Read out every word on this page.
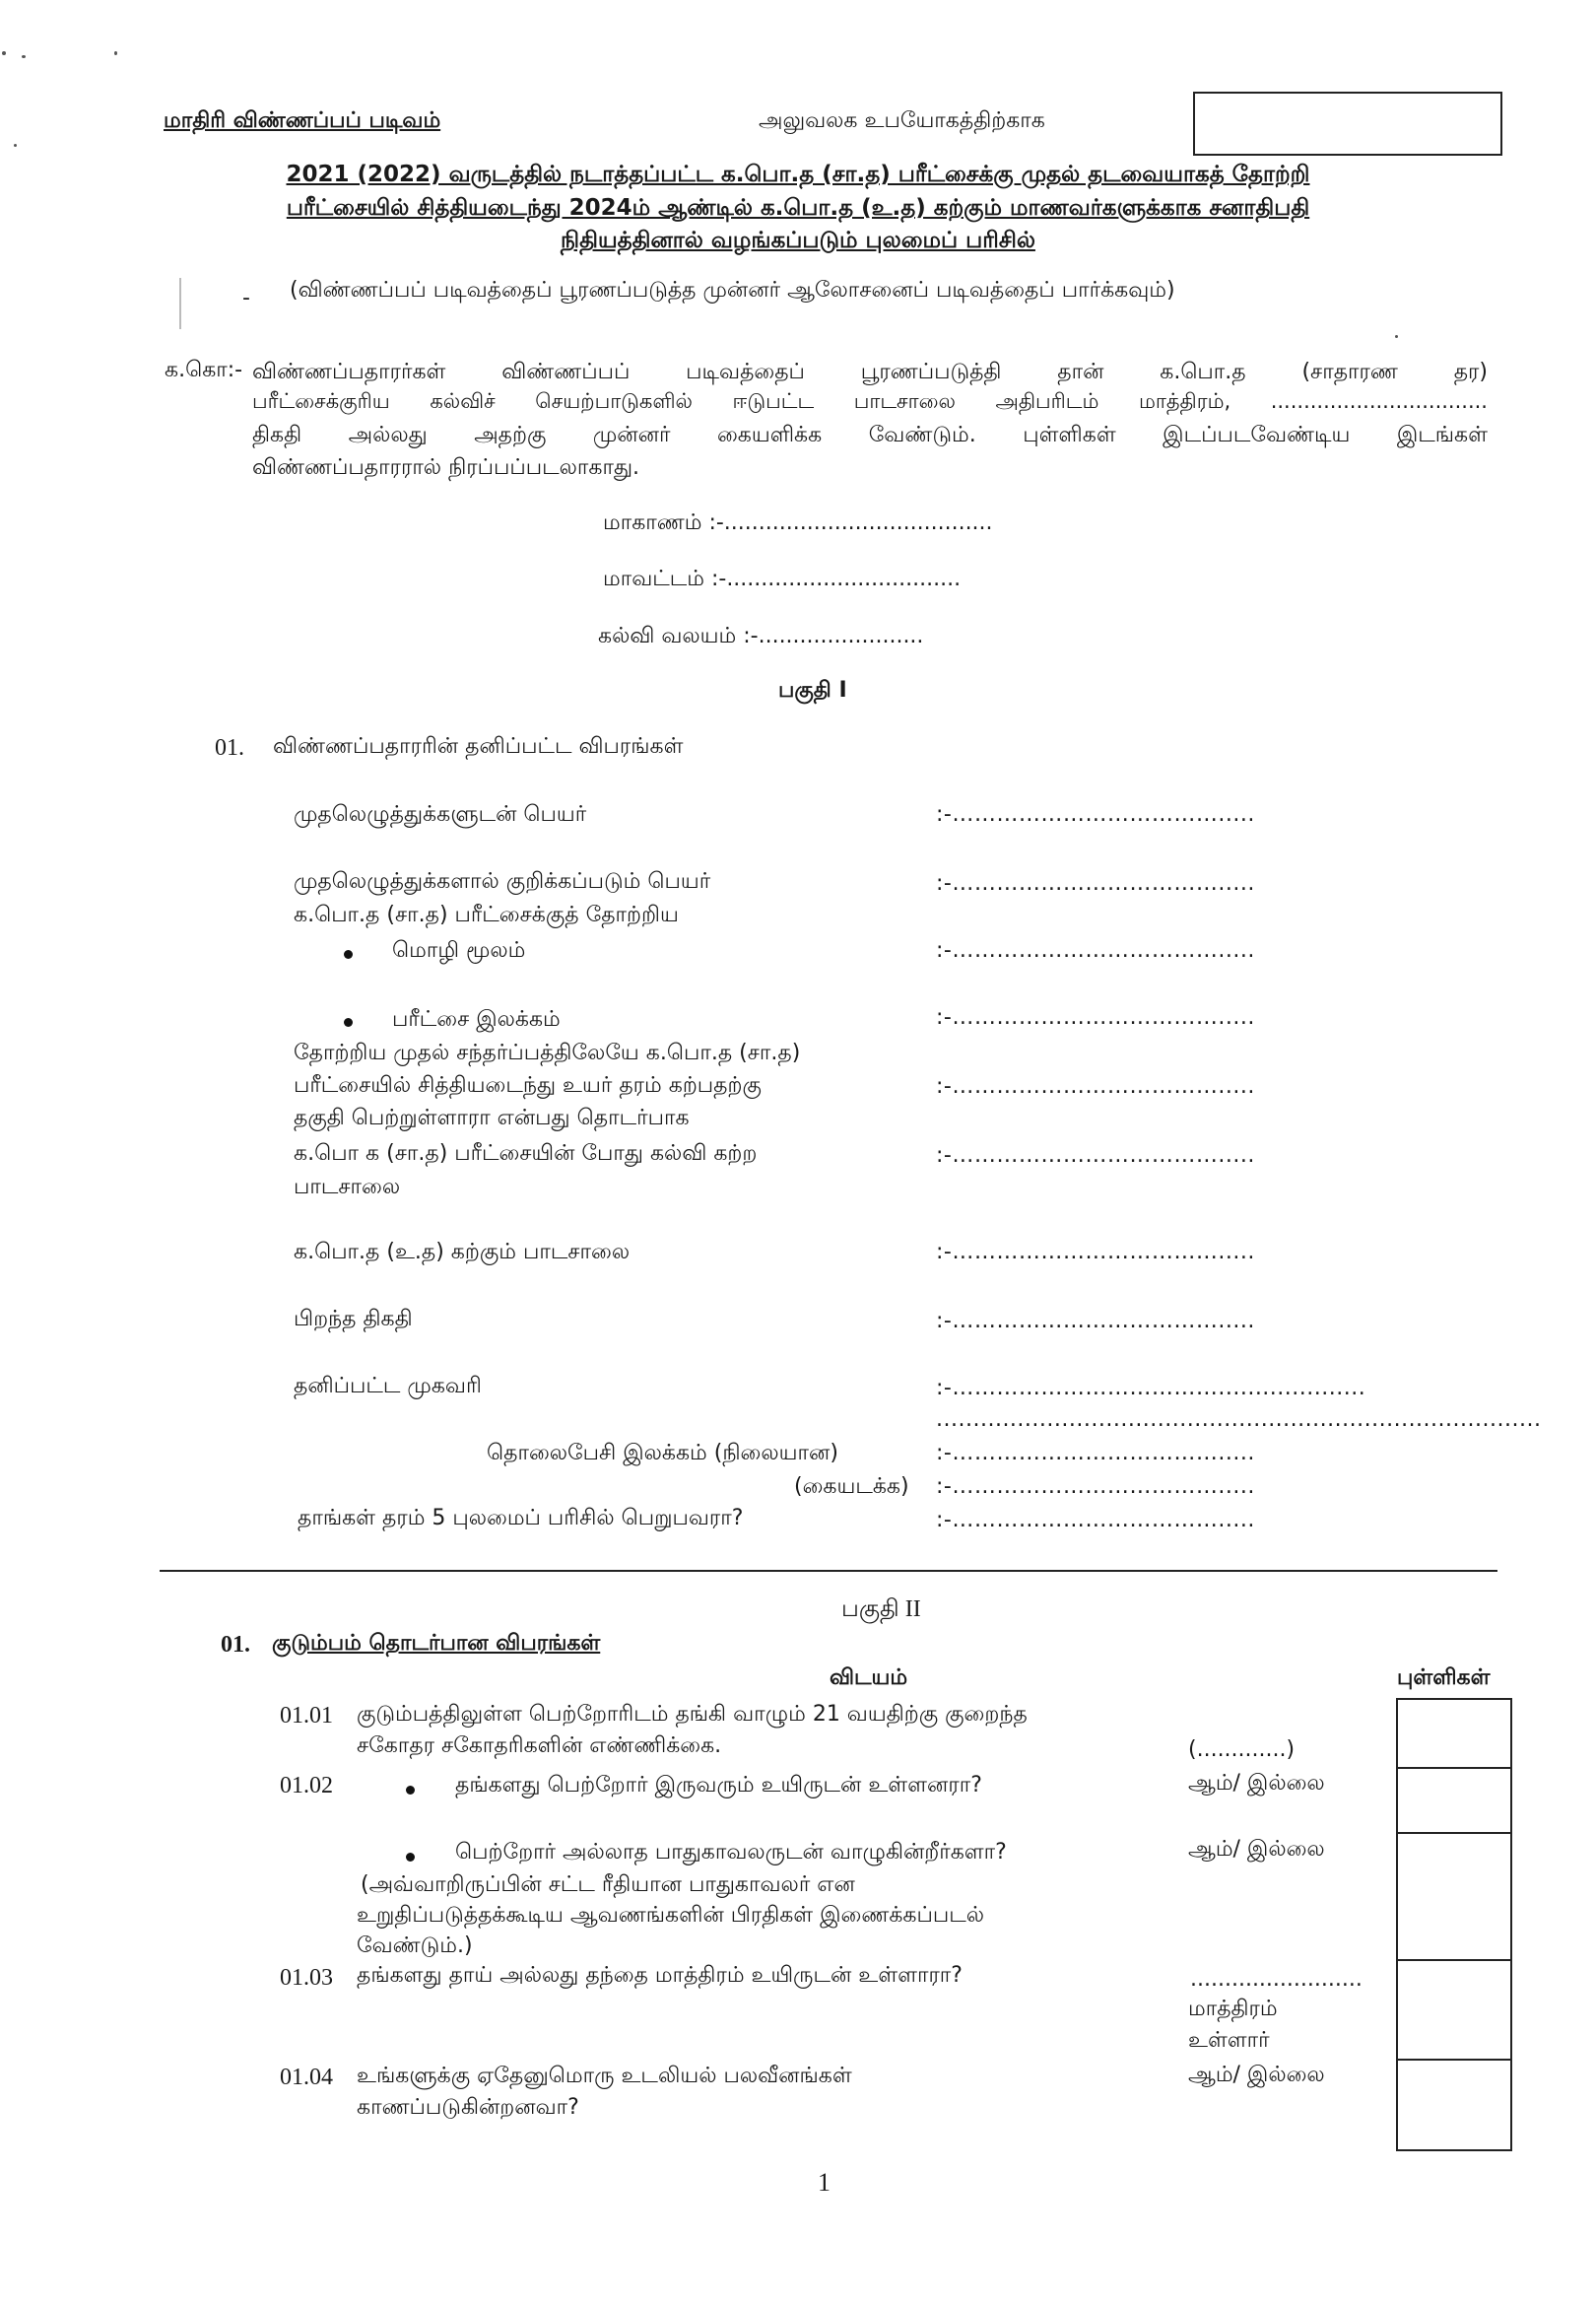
மாதிரி விண்ணப்பப் படிவம்	அலுவலக உபயோகத்திற்காக
2021 (2022) வருடத்தில் நடாத்தப்பட்ட க.பொ.த (சா.த) பரீட்சைக்கு முதல் தடவையாகத் தோற்றி
பரீட்சையில் சித்தியடைந்து 2024ம் ஆண்டில் க.பொ.த (உ.த) கற்கும் மாணவர்களுக்காக சனாதிபதி
நிதியத்தினால் வழங்கப்படும் புலமைப் பரிசில்
- (விண்ணப்பப் படிவத்தைப் பூரணப்படுத்த முன்னர் ஆலோசனைப் படிவத்தைப் பார்க்கவும்)
க.கொ:- விண்ணப்பதாரர்கள் விண்ணப்பப் படிவத்தைப் பூரணப்படுத்தி தான் க.பொ.த (சாதாரண தர)
பரீட்சைக்குரிய கல்விச் செயற்பாடுகளில் ஈடுபட்ட பாடசாலை அதிபரிடம் மாத்திரம், .................................
திகதி அல்லது அதற்கு முன்னர் கையளிக்க வேண்டும். புள்ளிகள் இடப்படவேண்டிய இடங்கள்
விண்ணப்பதாரரால் நிரப்பப்படலாகாது.
மாகாணம் :-.......................................
மாவட்டம் :-..................................
கல்வி வலயம் :-........................
பகுதி I
01. விண்ணப்பதாரரின் தனிப்பட்ட விபரங்கள்
முதலெழுத்துக்களுடன் பெயர்	:-……………………………….....
முதலெழுத்துக்களால் குறிக்கப்படும் பெயர்	:-……………………………….....
க.பொ.த (சா.த) பரீட்சைக்குத் தோற்றிய
மொழி மூலம்	:-……………………………….....
பரீட்சை இலக்கம்	:-……………………………….....
தோற்றிய முதல் சந்தர்ப்பத்திலேயே க.பொ.த (சா.த)
பரீட்சையில் சித்தியடைந்து உயர் தரம் கற்பதற்கு	:-……………………………….....
தகுதி பெற்றுள்ளாரா என்பது தொடர்பாக
க.பொ க (சா.த) பரீட்சையின் போது கல்வி கற்ற	:-……………………………….....
பாடசாலை
க.பொ.த (உ.த) கற்கும் பாடசாலை	:-……………………………….....
பிறந்த திகதி	:-……………………………….....
தனிப்பட்ட முகவரி	:-………………………………....................
..................................................................................
தொலைபேசி இலக்கம் (நிலையான)	:-……………………………….....
(கையடக்க) :-……………………………….....
தாங்கள் தரம் 5 புலமைப் பரிசில் பெறுபவரா?	:-……………………………….....
பகுதி II
01. குடும்பம் தொடர்பான விபரங்கள்
விடயம்	புள்ளிகள்
01.01 குடும்பத்திலுள்ள பெற்றோரிடம் தங்கி வாழும் 21 வயதிற்கு குறைந்த
சகோதர சகோதரிகளின் எண்ணிக்கை.	(.............)
01.02	தங்களது பெற்றோர் இருவரும் உயிருடன் உள்ளனரா?	ஆம்/ இல்லை
பெற்றோர் அல்லாத பாதுகாவலருடன் வாழுகின்றீர்களா?	ஆம்/ இல்லை
(அவ்வாறிருப்பின் சட்ட ரீதியான பாதுகாவலர் என
உறுதிப்படுத்தக்கூடிய ஆவணங்களின் பிரதிகள் இணைக்கப்படல்
வேண்டும்.)
01.03 தங்களது தாய் அல்லது தந்தை மாத்திரம் உயிருடன் உள்ளாரா?	.........................
மாத்திரம்
உள்ளார்
01.04 உங்களுக்கு ஏதேனுமொரு உடலியல் பலவீனங்கள்
காணப்படுகின்றனவா?
ஆம்/ இல்லை
1
